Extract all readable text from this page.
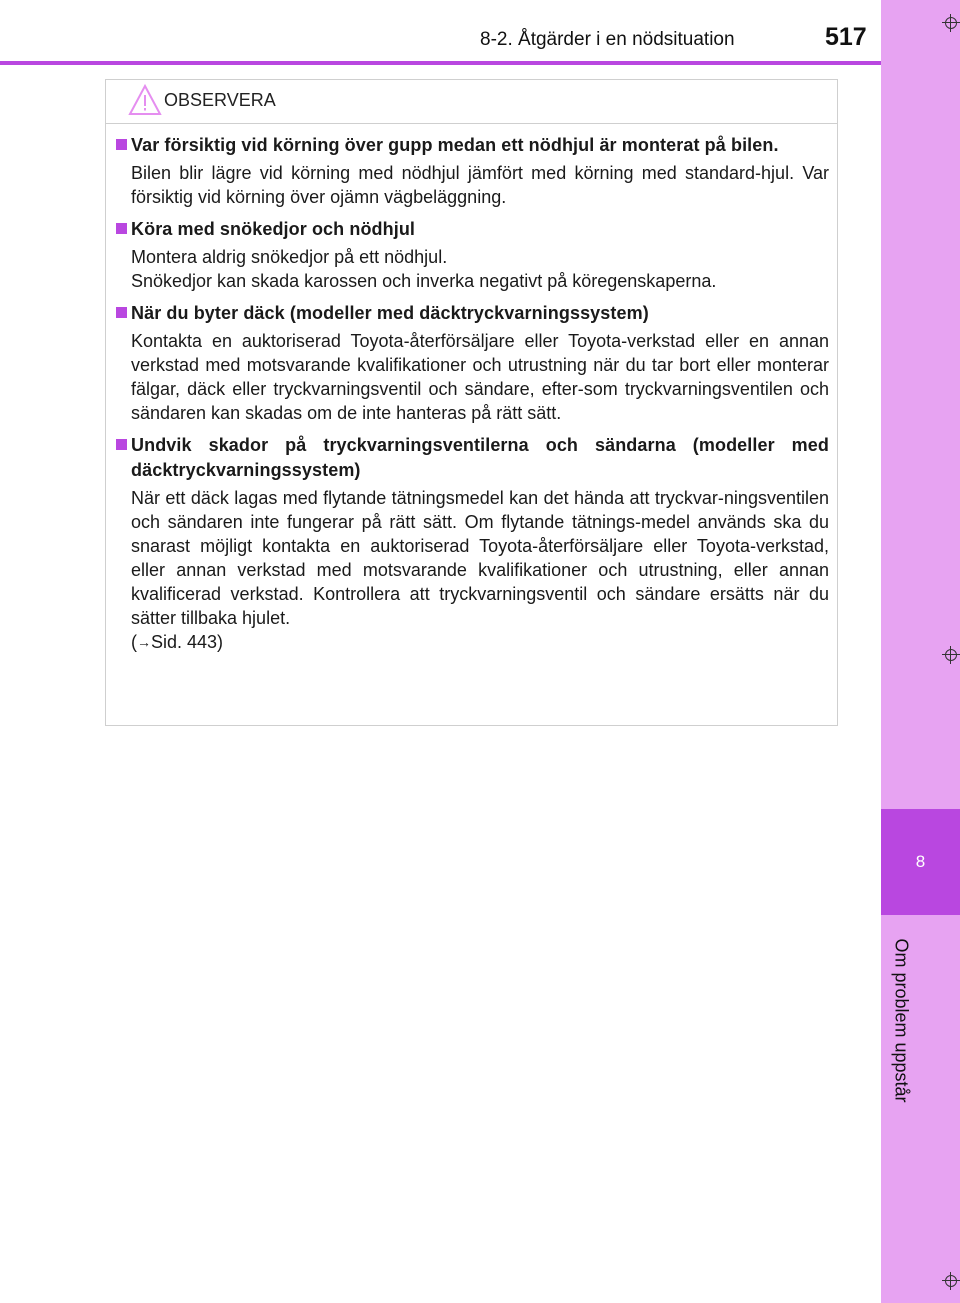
8
Om problem uppstår
8-2. Åtgärder i en nödsituation	517
OBSERVERA

Var försiktig vid körning över gupp medan ett nödhjul är monterat på bilen.

Bilen blir lägre vid körning med nödhjul jämfört med körning med standard-hjul. Var försiktig vid körning över ojämn vägbeläggning.

Köra med snökedjor och nödhjul

Montera aldrig snökedjor på ett nödhjul.

Snökedjor kan skada karossen och inverka negativt på köregenskaperna.

När du byter däck (modeller med däcktryckvarningssystem)

Kontakta en auktoriserad Toyota-återförsäljare eller Toyota-verkstad eller en annan verkstad med motsvarande kvalifikationer och utrustning när du tar bort eller monterar fälgar, däck eller tryckvarningsventil och sändare, efter-som tryckvarningsventilen och sändaren kan skadas om de inte hanteras på rätt sätt.

Undvik skador på tryckvarningsventilerna och sändarna (modeller med däcktryckvarningssystem)

När ett däck lagas med flytande tätningsmedel kan det hända att tryckvar-ningsventilen och sändaren inte fungerar på rätt sätt. Om flytande tätnings-medel används ska du snarast möjligt kontakta en auktoriserad Toyota-återförsäljare eller Toyota-verkstad, eller annan verkstad med motsvarande kvalifikationer och utrustning, eller annan kvalificerad verkstad. Kontrollera att tryckvarningsventil och sändare ersätts när du sätter tillbaka hjulet.

(→Sid. 443)
